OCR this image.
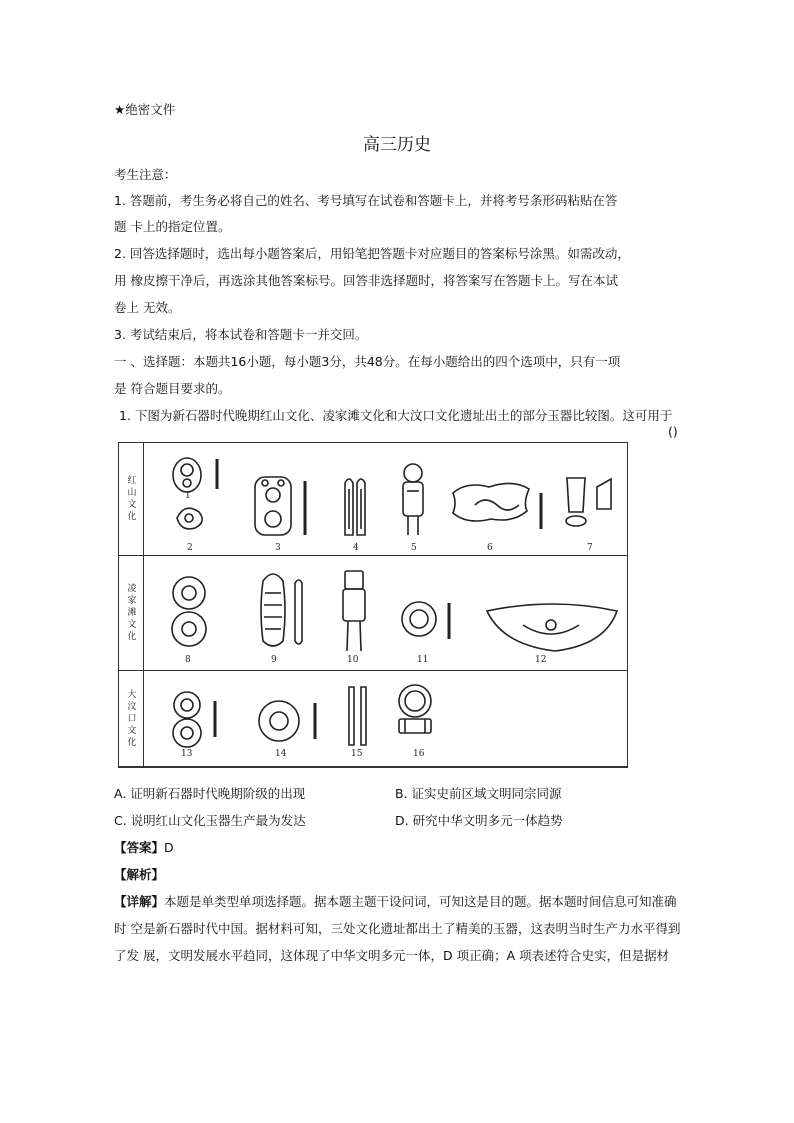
★绝密文件
高三历史
考生注意：
1. 答题前，考生务必将自己的姓名、考号填写在试卷和答题卡上，并将考号条形码粘贴在答
题 卡上的指定位置。
2. 回答选择题时，选出每小题答案后，用铅笔把答题卡对应题目的答案标号涂黑。如需改动，
用 橡皮擦干净后，再选涂其他答案标号。回答非选择题时，将答案写在答题卡上。写在本试
卷上 无效。
3. 考试结束后，将本试卷和答题卡一并交回。
一 、选择题：本题共16小题，每小题3分，共48分。在每小题给出的四个选项中，只有一项
是 符合题目要求的。
1. 下图为新石器时代晚期红山文化、凌家滩文化和大汶口文化遗址出土的部分玉器比较图。这可用于
()
红山文化
凌家滩文化
大汶口文化
1
2	3	4	5	6	7
8	9	10	11	12
13	14	15	16
A. 证明新石器时代晚期阶级的出现	B. 证实史前区域文明同宗同源
C. 说明红山文化玉器生产最为发达	D. 研究中华文明多元一体趋势
【答案】D
【解析】
【详解】本题是单类型单项选择题。据本题主题干设问词，可知这是目的题。据本题时间信息可知准确
时 空是新石器时代中国。据材料可知，三处文化遗址都出土了精美的玉器，这表明当时生产力水平得到
了发 展，文明发展水平趋同，这体现了中华文明多元一体，D 项正确；A 项表述符合史实，但是据材
